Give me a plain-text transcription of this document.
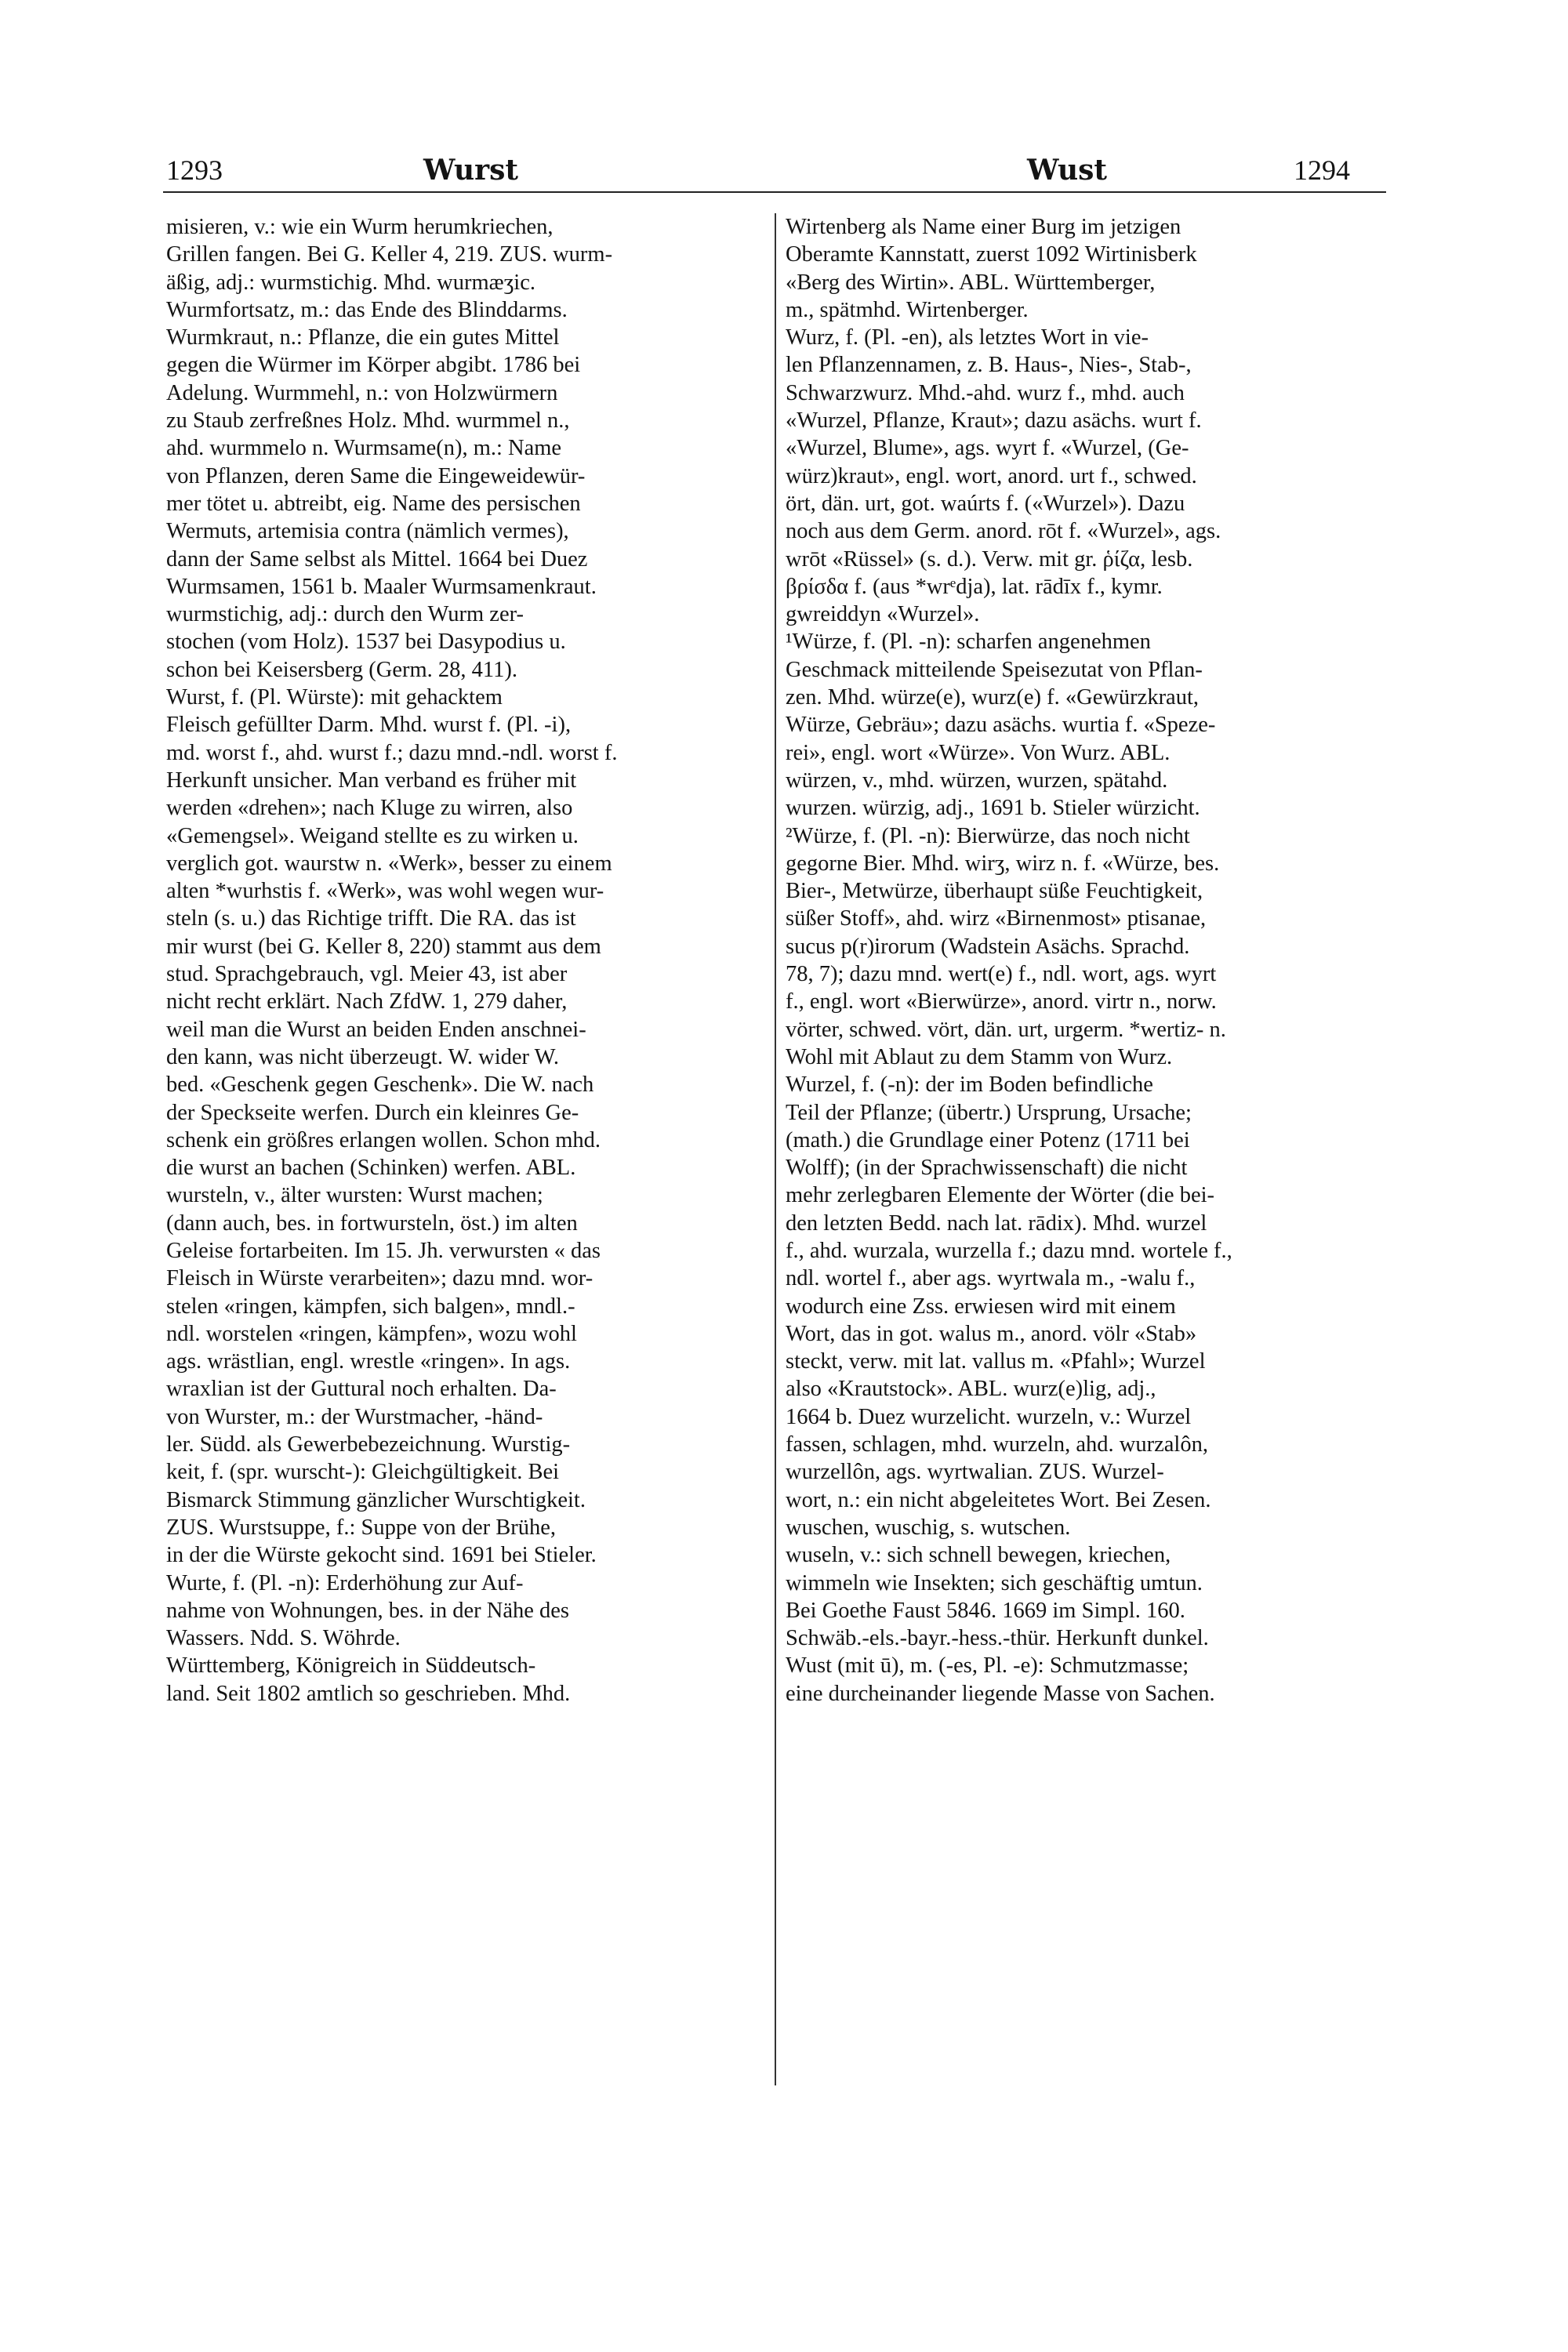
1293	Wurst	Wust	1294
misieren, v.: wie ein Wurm herumkriechen,
Grillen fangen. Bei G. Keller 4, 219. ZUS. wurm-
äßig, adj.: wurmstichig. Mhd. wurmæʒic.
Wurmfortsatz, m.: das Ende des Blinddarms.
Wurmkraut, n.: Pflanze, die ein gutes Mittel
gegen die Würmer im Körper abgibt. 1786 bei
Adelung. Wurmmehl, n.: von Holzwürmern
zu Staub zerfreßnes Holz. Mhd. wurmmel n.,
ahd. wurmmelo n. Wurmsame(n), m.: Name
von Pflanzen, deren Same die Eingeweidewür-
mer tötet u. abtreibt, eig. Name des persischen
Wermuts, artemisia contra (nämlich vermes),
dann der Same selbst als Mittel. 1664 bei Duez
Wurmsamen, 1561 b. Maaler Wurmsamenkraut.
wurmstichig, adj.: durch den Wurm zer-
stochen (vom Holz). 1537 bei Dasypodius u.
schon bei Keisersberg (Germ. 28, 411).
Wurst, f. (Pl. Würste): mit gehacktem
Fleisch gefüllter Darm. Mhd. wurst f. (Pl. -i),
md. worst f., ahd. wurst f.; dazu mnd.-ndl. worst f.
Herkunft unsicher. Man verband es früher mit
werden «drehen»; nach Kluge zu wirren, also
«Gemengsel». Weigand stellte es zu wirken u.
verglich got. waurstw n. «Werk», besser zu einem
alten *wurhstis f. «Werk», was wohl wegen wur-
steln (s. u.) das Richtige trifft. Die RA. das ist
mir wurst (bei G. Keller 8, 220) stammt aus dem
stud. Sprachgebrauch, vgl. Meier 43, ist aber
nicht recht erklärt. Nach ZfdW. 1, 279 daher,
weil man die Wurst an beiden Enden anschnei-
den kann, was nicht überzeugt. W. wider W.
bed. «Geschenk gegen Geschenk». Die W. nach
der Speckseite werfen. Durch ein kleinres Ge-
schenk ein größres erlangen wollen. Schon mhd.
die wurst an bachen (Schinken) werfen. ABL.
wursteln, v., älter wursten: Wurst machen;
(dann auch, bes. in fortwursteln, öst.) im alten
Geleise fortarbeiten. Im 15. Jh. verwursten « das
Fleisch in Würste verarbeiten»; dazu mnd. wor-
stelen «ringen, kämpfen, sich balgen», mndl.-
ndl. worstelen «ringen, kämpfen», wozu wohl
ags. wrästlian, engl. wrestle «ringen». In ags.
wraxlian ist der Guttural noch erhalten. Da-
von Wurster, m.: der Wurstmacher, -händ-
ler. Südd. als Gewerbebezeichnung. Wurstig-
keit, f. (spr. wurscht-): Gleichgültigkeit. Bei
Bismarck Stimmung gänzlicher Wurschtigkeit.
ZUS. Wurstsuppe, f.: Suppe von der Brühe,
in der die Würste gekocht sind. 1691 bei Stieler.
Wurte, f. (Pl. -n): Erderhöhung zur Auf-
nahme von Wohnungen, bes. in der Nähe des
Wassers. Ndd. S. Wöhrde.
Württemberg, Königreich in Süddeutsch-
land. Seit 1802 amtlich so geschrieben. Mhd.
Wirtenberg als Name einer Burg im jetzigen
Oberamte Kannstatt, zuerst 1092 Wirtinisberk
«Berg des Wirtin». ABL. Württemberger,
m., spätmhd. Wirtenberger.
Wurz, f. (Pl. -en), als letztes Wort in vie-
len Pflanzennamen, z. B. Haus-, Nies-, Stab-,
Schwarzwurz. Mhd.-ahd. wurz f., mhd. auch
«Wurzel, Pflanze, Kraut»; dazu asächs. wurt f.
«Wurzel, Blume», ags. wyrt f. «Wurzel, (Ge-
würz)kraut», engl. wort, anord. urt f., schwed.
ört, dän. urt, got. waúrts f. («Wurzel»). Dazu
noch aus dem Germ. anord. rōt f. «Wurzel», ags.
wrōt «Rüssel» (s. d.). Verw. mit gr. ῥίζα, lesb.
βρίσδα f. (aus *wrᵉdja), lat. rādīx f., kymr.
gwreiddyn «Wurzel».
¹Würze, f. (Pl. -n): scharfen angenehmen
Geschmack mitteilende Speisezutat von Pflan-
zen. Mhd. würze(e), wurz(e) f. «Gewürzkraut,
Würze, Gebräu»; dazu asächs. wurtia f. «Speze-
rei», engl. wort «Würze». Von Wurz. ABL.
würzen, v., mhd. würzen, wurzen, spätahd.
wurzen. würzig, adj., 1691 b. Stieler würzicht.
²Würze, f. (Pl. -n): Bierwürze, das noch nicht
gegorne Bier. Mhd. wirʒ, wirz n. f. «Würze, bes.
Bier-, Metwürze, überhaupt süße Feuchtigkeit,
süßer Stoff», ahd. wirz «Birnenmost» ptisanae,
sucus p(r)irorum (Wadstein Asächs. Sprachd.
78, 7); dazu mnd. wert(e) f., ndl. wort, ags. wyrt
f., engl. wort «Bierwürze», anord. virtr n., norw.
vörter, schwed. vört, dän. urt, urgerm. *wertiz- n.
Wohl mit Ablaut zu dem Stamm von Wurz.
Wurzel, f. (-n): der im Boden befindliche
Teil der Pflanze; (übertr.) Ursprung, Ursache;
(math.) die Grundlage einer Potenz (1711 bei
Wolff); (in der Sprachwissenschaft) die nicht
mehr zerlegbaren Elemente der Wörter (die bei-
den letzten Bedd. nach lat. rādix). Mhd. wurzel
f., ahd. wurzala, wurzella f.; dazu mnd. wortele f.,
ndl. wortel f., aber ags. wyrtwala m., -walu f.,
wodurch eine Zss. erwiesen wird mit einem
Wort, das in got. walus m., anord. völr «Stab»
steckt, verw. mit lat. vallus m. «Pfahl»; Wurzel
also «Krautstock». ABL. wurz(e)lig, adj.,
1664 b. Duez wurzelicht. wurzeln, v.: Wurzel
fassen, schlagen, mhd. wurzeln, ahd. wurzalôn,
wurzellôn, ags. wyrtwalian. ZUS. Wurzel-
wort, n.: ein nicht abgeleitetes Wort. Bei Zesen.
wuschen, wuschig, s. wutschen.
wuseln, v.: sich schnell bewegen, kriechen,
wimmeln wie Insekten; sich geschäftig umtun.
Bei Goethe Faust 5846. 1669 im Simpl. 160.
Schwäb.-els.-bayr.-hess.-thür. Herkunft dunkel.
Wust (mit ū), m. (-es, Pl. -e): Schmutzmasse;
eine durcheinander liegende Masse von Sachen.
